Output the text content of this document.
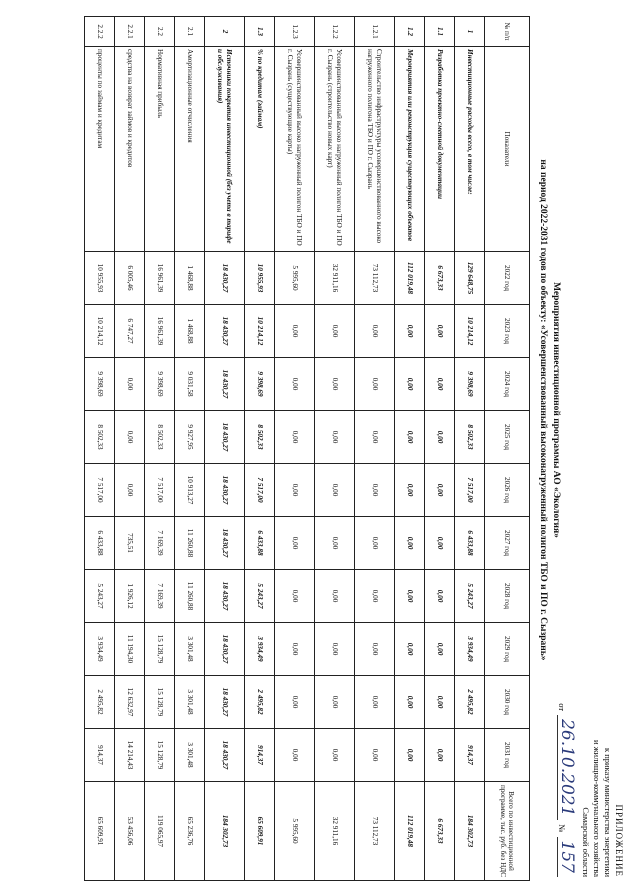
ПРИЛОЖЕНИЕ
к приказу министерства энергетики
и жилищно-коммунального хозяйства
Самарской области
от
26.10.2021
№
157
Мероприятия инвестиционной программы АО «Экология»
на период 2022-2031 годов по объекту: «Усовершенствованный высоконагруженный полигон ТБО и ПО г. Сызрань»
№ п/п	Показатели	2022 год	2023 год	2024 год	2025 год	2026 год	2027 год	2028 год	2029 год	2030 год	2031 год	Всего по инвестиционной программе, тыс. руб. без НДС
1	Инвестиционные расходы всего, в том числе:	129 648,75	10 214,12	9 398,69	8 502,33	7 517,00	6 433,88	5 243,27	3 934,49	2 495,82	914,37	184 302,73
1.1	Разработка проектно-сметной документации	6 673,33	0,00	0,00	0,00	0,00	0,00	0,00	0,00	0,00	0,00	6 673,33
1.2	Мероприятия или реконструкция существующих объектов	112 019,48	0,00	0,00	0,00	0,00	0,00	0,00	0,00	0,00	0,00	112 019,48
1.2.1	Строительство инфраструктуры усовершенствованного высоко нагруженного полигона ТБО и ПО г. Сызрань	73 112,73	0,00	0,00	0,00	0,00	0,00	0,00	0,00	0,00	0,00	73 112,73
1.2.2	Усовершенствованный высоко нагруженный полигон ТБО и ПО г. Сызрань (строительство новых карт)	32 911,16	0,00	0,00	0,00	0,00	0,00	0,00	0,00	0,00	0,00	32 911,16
1.2.3	Усовершенствованный высоко нагруженный полигон ТБО и ПО г. Сызрань (существующие карты)	5 995,60	0,00	0,00	0,00	0,00	0,00	0,00	0,00	0,00	0,00	5 995,60
1.3	% по кредитам (займам)	10 955,93	10 214,12	9 398,69	8 502,33	7 517,00	6 433,88	5 243,27	3 934,49	2 495,82	914,37	65 609,91
2	Источники покрытия инвестиционной (без учета в тарифе и обслуживания)	18 430,27	18 430,27	18 430,27	18 430,27	18 430,27	18 430,27	18 430,27	18 430,27	18 430,27	18 430,27	184 302,73
2.1	Амортизационные отчисления	1 468,88	1 468,88	9 031,58	9 927,95	10 913,27	11 260,88	11 260,88	3 301,48	3 301,48	3 301,48	65 236,76
2.2	Нормативная прибыль	16 961,39	16 961,39	9 398,69	8 502,33	7 517,00	7 169,39	7 169,39	15 128,79	15 128,79	15 128,79	119 065,97
2.2.1	средства на возврат займов и кредитов	6 005,46	6 747,27	0,00	0,00	0,00	735,51	1 926,12	11 194,30	12 632,97	14 214,43	53 456,06
2.2.2	проценты по займам и кредитам	10 955,93	10 214,12	9 398,69	8 502,33	7 517,00	6 433,88	5 243,27	3 934,49	2 495,82	914,37	65 609,91
